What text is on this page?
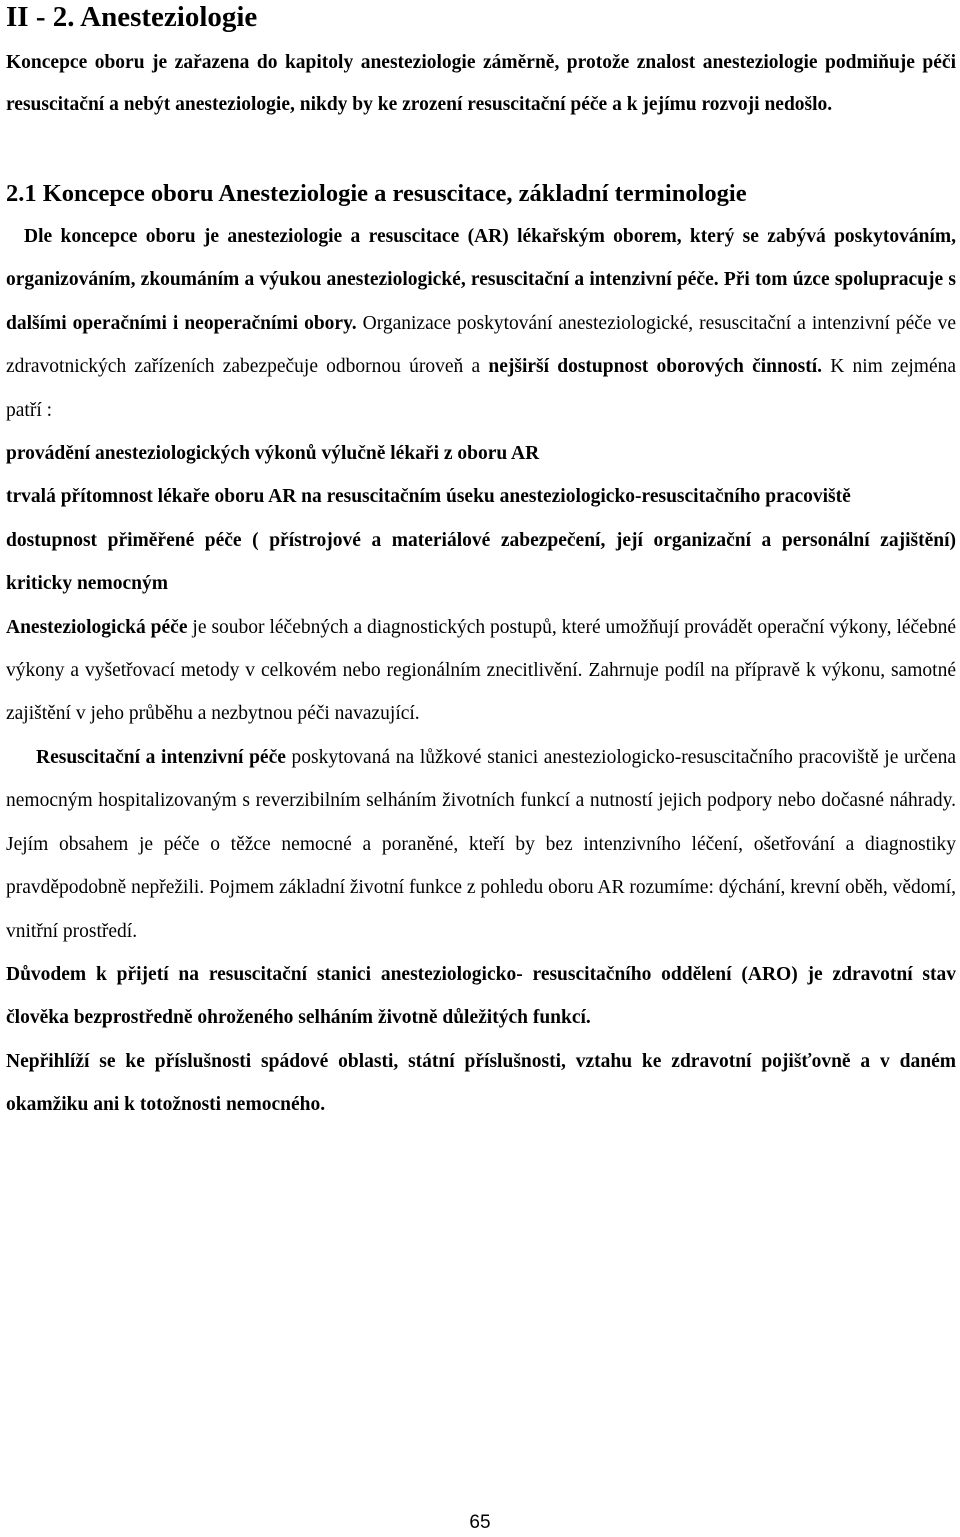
II - 2. Anesteziologie

Koncepce oboru je zařazena do kapitoly anesteziologie záměrně, protože znalost anesteziologie podmiňuje péči resuscitační a nebýt anesteziologie, nikdy by ke zrození resuscitační péče a k jejímu rozvoji nedošlo.

2.1 Koncepce oboru Anesteziologie a resuscitace, základní terminologie

Dle koncepce oboru je anesteziologie a resuscitace (AR) lékařským oborem, který se zabývá poskytováním, organizováním, zkoumáním a výukou anesteziologické, resuscitační a intenzivní péče. Při tom úzce spolupracuje s dalšími operačními i neoperačními obory. Organizace poskytování anesteziologické, resuscitační a intenzivní péče ve zdravotnických zařízeních zabezpečuje odbornou úroveň a nejširší dostupnost oborových činností. K nim zejména patří :

provádění anesteziologických výkonů výlučně lékaři z oboru AR

trvalá přítomnost lékaře oboru AR na resuscitačním úseku anesteziologicko-resuscitačního pracoviště

dostupnost přiměřené péče ( přístrojové a materiálové zabezpečení, její organizační a personální zajištění) kriticky nemocným

Anesteziologická péče je soubor léčebných a diagnostických postupů, které umožňují provádět operační výkony, léčebné výkony a vyšetřovací metody v celkovém nebo regionálním znecitlivění. Zahrnuje podíl na přípravě k výkonu, samotné zajištění v jeho průběhu a nezbytnou péči navazující.

Resuscitační a intenzivní péče poskytovaná na lůžkové stanici anesteziologicko-resuscitačního pracoviště je určena nemocným hospitalizovaným s reverzibilním selháním životních funkcí a nutností jejich podpory nebo dočasné náhrady. Jejím obsahem je péče o těžce nemocné a poraněné, kteří by bez intenzivního léčení, ošetřování a diagnostiky pravděpodobně nepřežili. Pojmem základní životní funkce z pohledu oboru AR rozumíme: dýchání, krevní oběh, vědomí, vnitřní prostředí.

Důvodem k přijetí na resuscitační stanici anesteziologicko- resuscitačního oddělení (ARO) je zdravotní stav člověka bezprostředně ohroženého selháním životně důležitých funkcí.

Nepřihlíží se ke příslušnosti spádové oblasti, státní příslušnosti, vztahu ke zdravotní pojišťovně a v daném okamžiku ani k totožnosti nemocného.

65
